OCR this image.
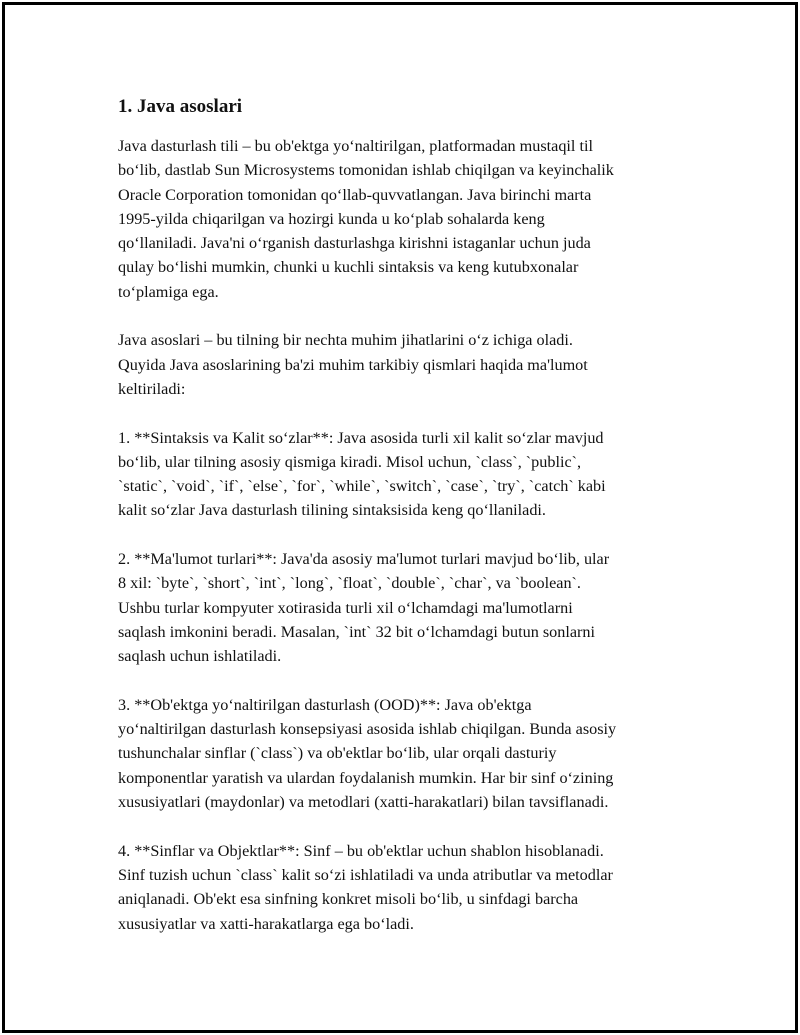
1. Java asoslari

Java dasturlash tili – bu ob'ektga yoʻnaltirilgan, platformadan mustaqil til
boʻlib, dastlab Sun Microsystems tomonidan ishlab chiqilgan va keyinchalik
Oracle Corporation tomonidan qoʻllab-quvvatlangan. Java birinchi marta
1995-yilda chiqarilgan va hozirgi kunda u koʻplab sohalarda keng
qoʻllaniladi. Java'ni oʻrganish dasturlashga kirishni istaganlar uchun juda
qulay boʻlishi mumkin, chunki u kuchli sintaksis va keng kutubxonalar
toʻplamiga ega.

Java asoslari – bu tilning bir nechta muhim jihatlarini oʻz ichiga oladi.
Quyida Java asoslarining ba'zi muhim tarkibiy qismlari haqida ma'lumot
keltiriladi:

1. **Sintaksis va Kalit soʻzlar**: Java asosida turli xil kalit soʻzlar mavjud
boʻlib, ular tilning asosiy qismiga kiradi. Misol uchun, `class`, `public`,
`static`, `void`, `if`, `else`, `for`, `while`, `switch`, `case`, `try`, `catch` kabi
kalit soʻzlar Java dasturlash tilining sintaksisida keng qoʻllaniladi.

2. **Ma'lumot turlari**: Java'da asosiy ma'lumot turlari mavjud boʻlib, ular
8 xil: `byte`, `short`, `int`, `long`, `float`, `double`, `char`, va `boolean`.
Ushbu turlar kompyuter xotirasida turli xil oʻlchamdagi ma'lumotlarni
saqlash imkonini beradi. Masalan, `int` 32 bit oʻlchamdagi butun sonlarni
saqlash uchun ishlatiladi.

3. **Ob'ektga yoʻnaltirilgan dasturlash (OOD)**: Java ob'ektga
yoʻnaltirilgan dasturlash konsepsiyasi asosida ishlab chiqilgan. Bunda asosiy
tushunchalar sinflar (`class`) va ob'ektlar boʻlib, ular orqali dasturiy
komponentlar yaratish va ulardan foydalanish mumkin. Har bir sinf oʻzining
xususiyatlari (maydonlar) va metodlari (xatti-harakatlari) bilan tavsiflanadi.

4. **Sinflar va Objektlar**: Sinf – bu ob'ektlar uchun shablon hisoblanadi.
Sinf tuzish uchun `class` kalit soʻzi ishlatiladi va unda atributlar va metodlar
aniqlanadi. Ob'ekt esa sinfning konkret misoli boʻlib, u sinfdagi barcha
xususiyatlar va xatti-harakatlarga ega boʻladi.
